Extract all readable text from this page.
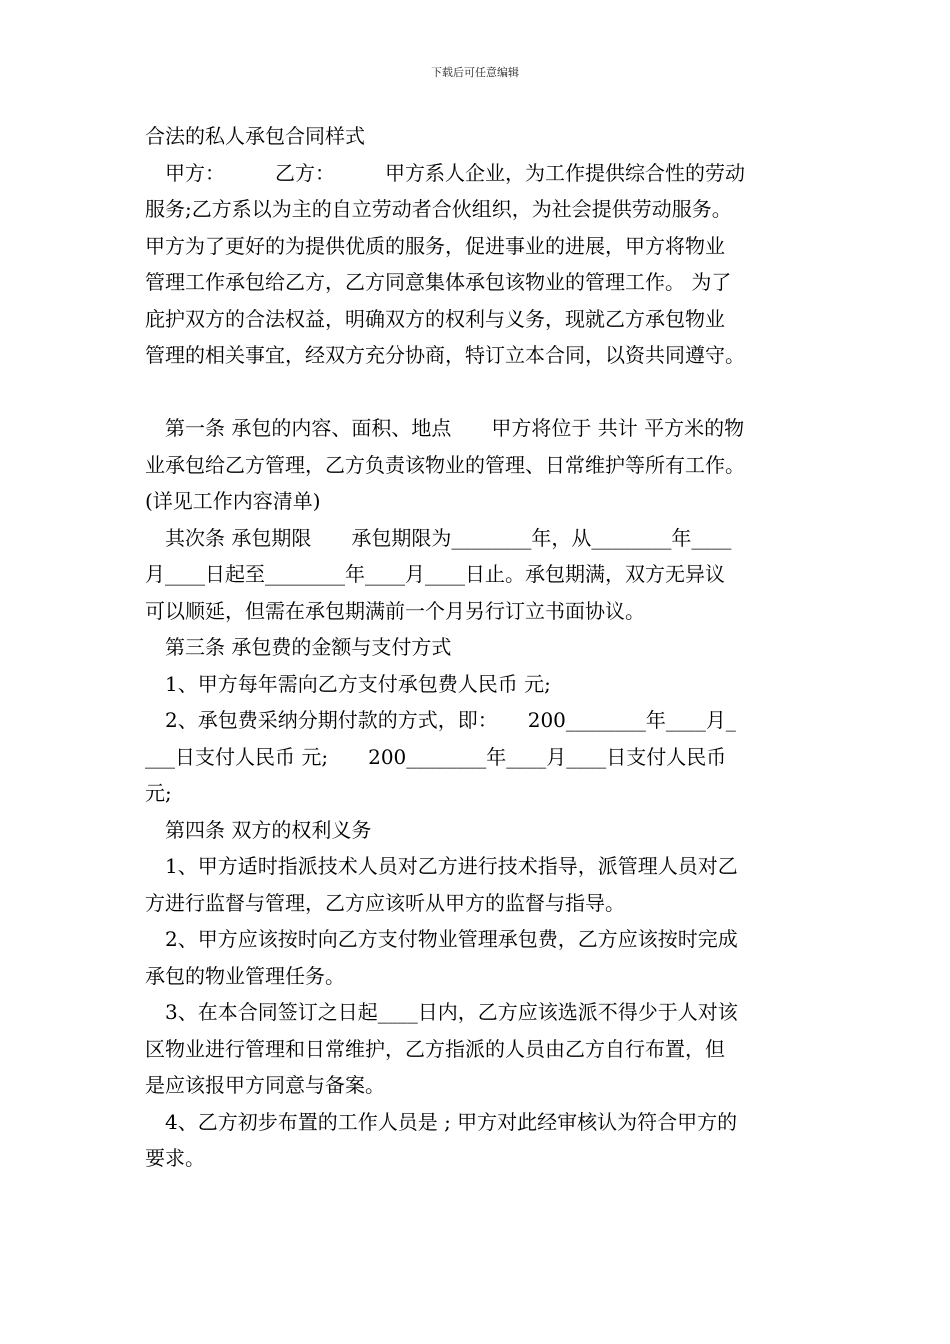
下载后可任意编辑
合法的私人承包合同样式
　甲方：　　　乙方：　　　甲方系人企业，为工作提供综合性的劳动
服务;乙方系以为主的自立劳动者合伙组织，为社会提供劳动服务。
甲方为了更好的为提供优质的服务，促进事业的进展，甲方将物业
管理工作承包给乙方，乙方同意集体承包该物业的管理工作。 为了
庇护双方的合法权益，明确双方的权利与义务，现就乙方承包物业
管理的相关事宜，经双方充分协商，特订立本合同，以资共同遵守。
　第一条 承包的内容、面积、地点　　甲方将位于 共计 平方米的物
业承包给乙方管理，乙方负责该物业的管理、日常维护等所有工作。
(详见工作内容清单)
　其次条 承包期限　　承包期限为________年，从________年____
月____日起至________年____月____日止。承包期满，双方无异议
可以顺延，但需在承包期满前一个月另行订立书面协议。
　第三条 承包费的金额与支付方式
　1、甲方每年需向乙方支付承包费人民币 元;
　2、承包费采纳分期付款的方式，即：　　200________年____月_
___日支付人民币 元;　　200________年____月____日支付人民币
元;
　第四条 双方的权利义务
　1、甲方适时指派技术人员对乙方进行技术指导，派管理人员对乙
方进行监督与管理，乙方应该听从甲方的监督与指导。
　2、甲方应该按时向乙方支付物业管理承包费，乙方应该按时完成
承包的物业管理任务。
　3、在本合同签订之日起____日内，乙方应该选派不得少于人对该
区物业进行管理和日常维护，乙方指派的人员由乙方自行布置，但
是应该报甲方同意与备案。
　4、乙方初步布置的工作人员是 ; 甲方对此经审核认为符合甲方的
要求。
